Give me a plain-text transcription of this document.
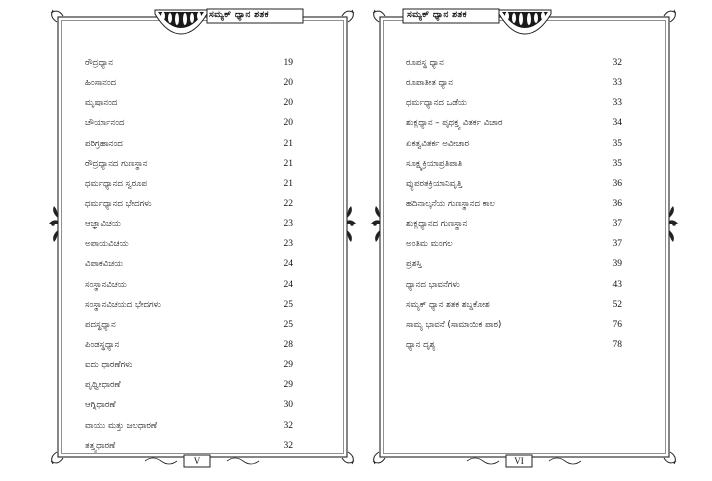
ಸಮ್ಯಕ್ ಧ್ಯಾನ ಶತಕ
ರೌದ್ರಧ್ಯಾನ	19
ಹಿಂಸಾನಂದ	20
ಮೃಷಾನಂದ	20
ಚೌರ್ಯಾನಂದ	20
ಪರಿಗ್ರಹಾನಂದ	21
ರೌದ್ರಧ್ಯಾನದ ಗುಣಸ್ಥಾನ	21
ಧರ್ಮಧ್ಯಾನದ ಸ್ವರೂಪ	21
ಧರ್ಮಧ್ಯಾನದ ಭೇದಗಳು	22
ಆಜ್ಞಾವಿಚಯ	23
ಅಪಾಯವಿಚಯ	23
ವಿಪಾಕವಿಚಯ	24
ಸಂಸ್ಥಾನವಿಚಯ	24
ಸಂಸ್ಥಾನವಿಚಯದ ಭೇದಗಳು	25
ಪದಸ್ಥಧ್ಯಾನ	25
ಪಿಂಡಸ್ಥಧ್ಯಾನ	28
ಐದು ಧಾರಣೆಗಳು	29
ಪೃಥ್ವೀಧಾರಣೆ	29
ಆಗ್ನಿಧಾರಣೆ	30
ವಾಯು ಮತ್ತು ಜಲಧಾರಣೆ	32
ತತ್ತ್ವಧಾರಣೆ	32
V
ಸಮ್ಯಕ್ ಧ್ಯಾನ ಶತಕ
ರೂಪಸ್ಥ ಧ್ಯಾನ	32
ರೂಪಾತೀತ ಧ್ಯಾನ	33
ಧರ್ಮಧ್ಯಾನದ ಒಡೆಯ	33
ಶುಕ್ಲಧ್ಯಾನ – ಪೃಥಕ್ತ್ವ ವಿತರ್ಕ ವಿಚಾರ	34
ಏಕತ್ವವಿತರ್ಕ ಅವೀಚಾರ	35
ಸೂಕ್ಷ್ಮಕ್ರಿಯಾಪ್ರತಿಪಾತಿ	35
ವ್ಯುಪರತಕ್ರಿಯಾನಿವೃತ್ತಿ	36
ಹದಿನಾಲ್ಕನೆಯ ಗುಣಸ್ಥಾನದ ಕಾಲ	36
ಶುಕ್ಲಧ್ಯಾನದ ಗುಣಸ್ಥಾನ	37
ಅಂತಿಮ ಮಂಗಲ	37
ಪ್ರಶಸ್ತಿ	39
ಧ್ಯಾನದ ಭಾವನೆಗಳು	43
ಸಮ್ಯಕ್ ಧ್ಯಾನ ಶತಕ ಶಬ್ದಕೋಶ	52
ಸಾಮ್ಯ ಭಾವನೆ (ಸಾಮಾಯಿಕ ಪಾಠ)	76
ಧ್ಯಾನ ದೃಶ್ಯ	78
VI
